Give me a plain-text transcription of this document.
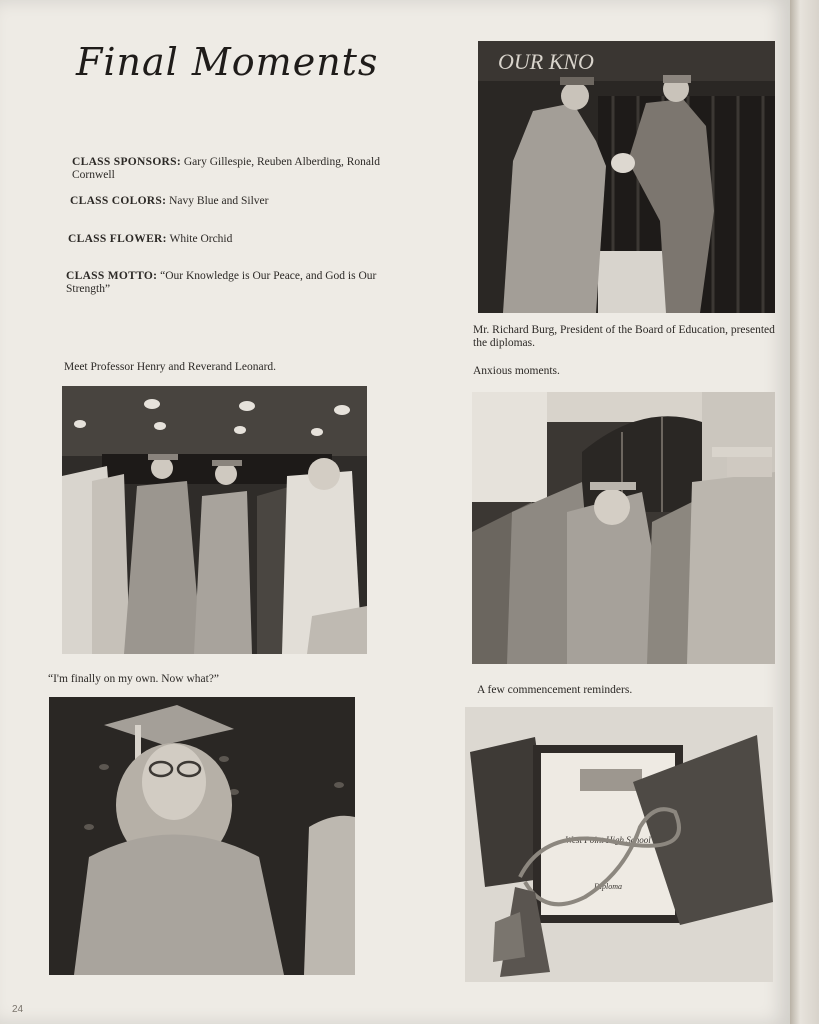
Final Moments
CLASS SPONSORS: Gary Gillespie, Reuben Alberding, Ronald Cornwell
CLASS COLORS: Navy Blue and Silver
CLASS FLOWER: White Orchid
CLASS MOTTO: “Our Knowledge is Our Peace, and God is Our Strength”
OUR KNO
Mr. Richard Burg, President of the Board of Education, presented the diplomas.
Meet Professor Henry and Reverand Leonard.	Anxious moments.
“I'm finally on my own. Now what?”
A few commencement reminders.
West Point High School
Diploma
24
